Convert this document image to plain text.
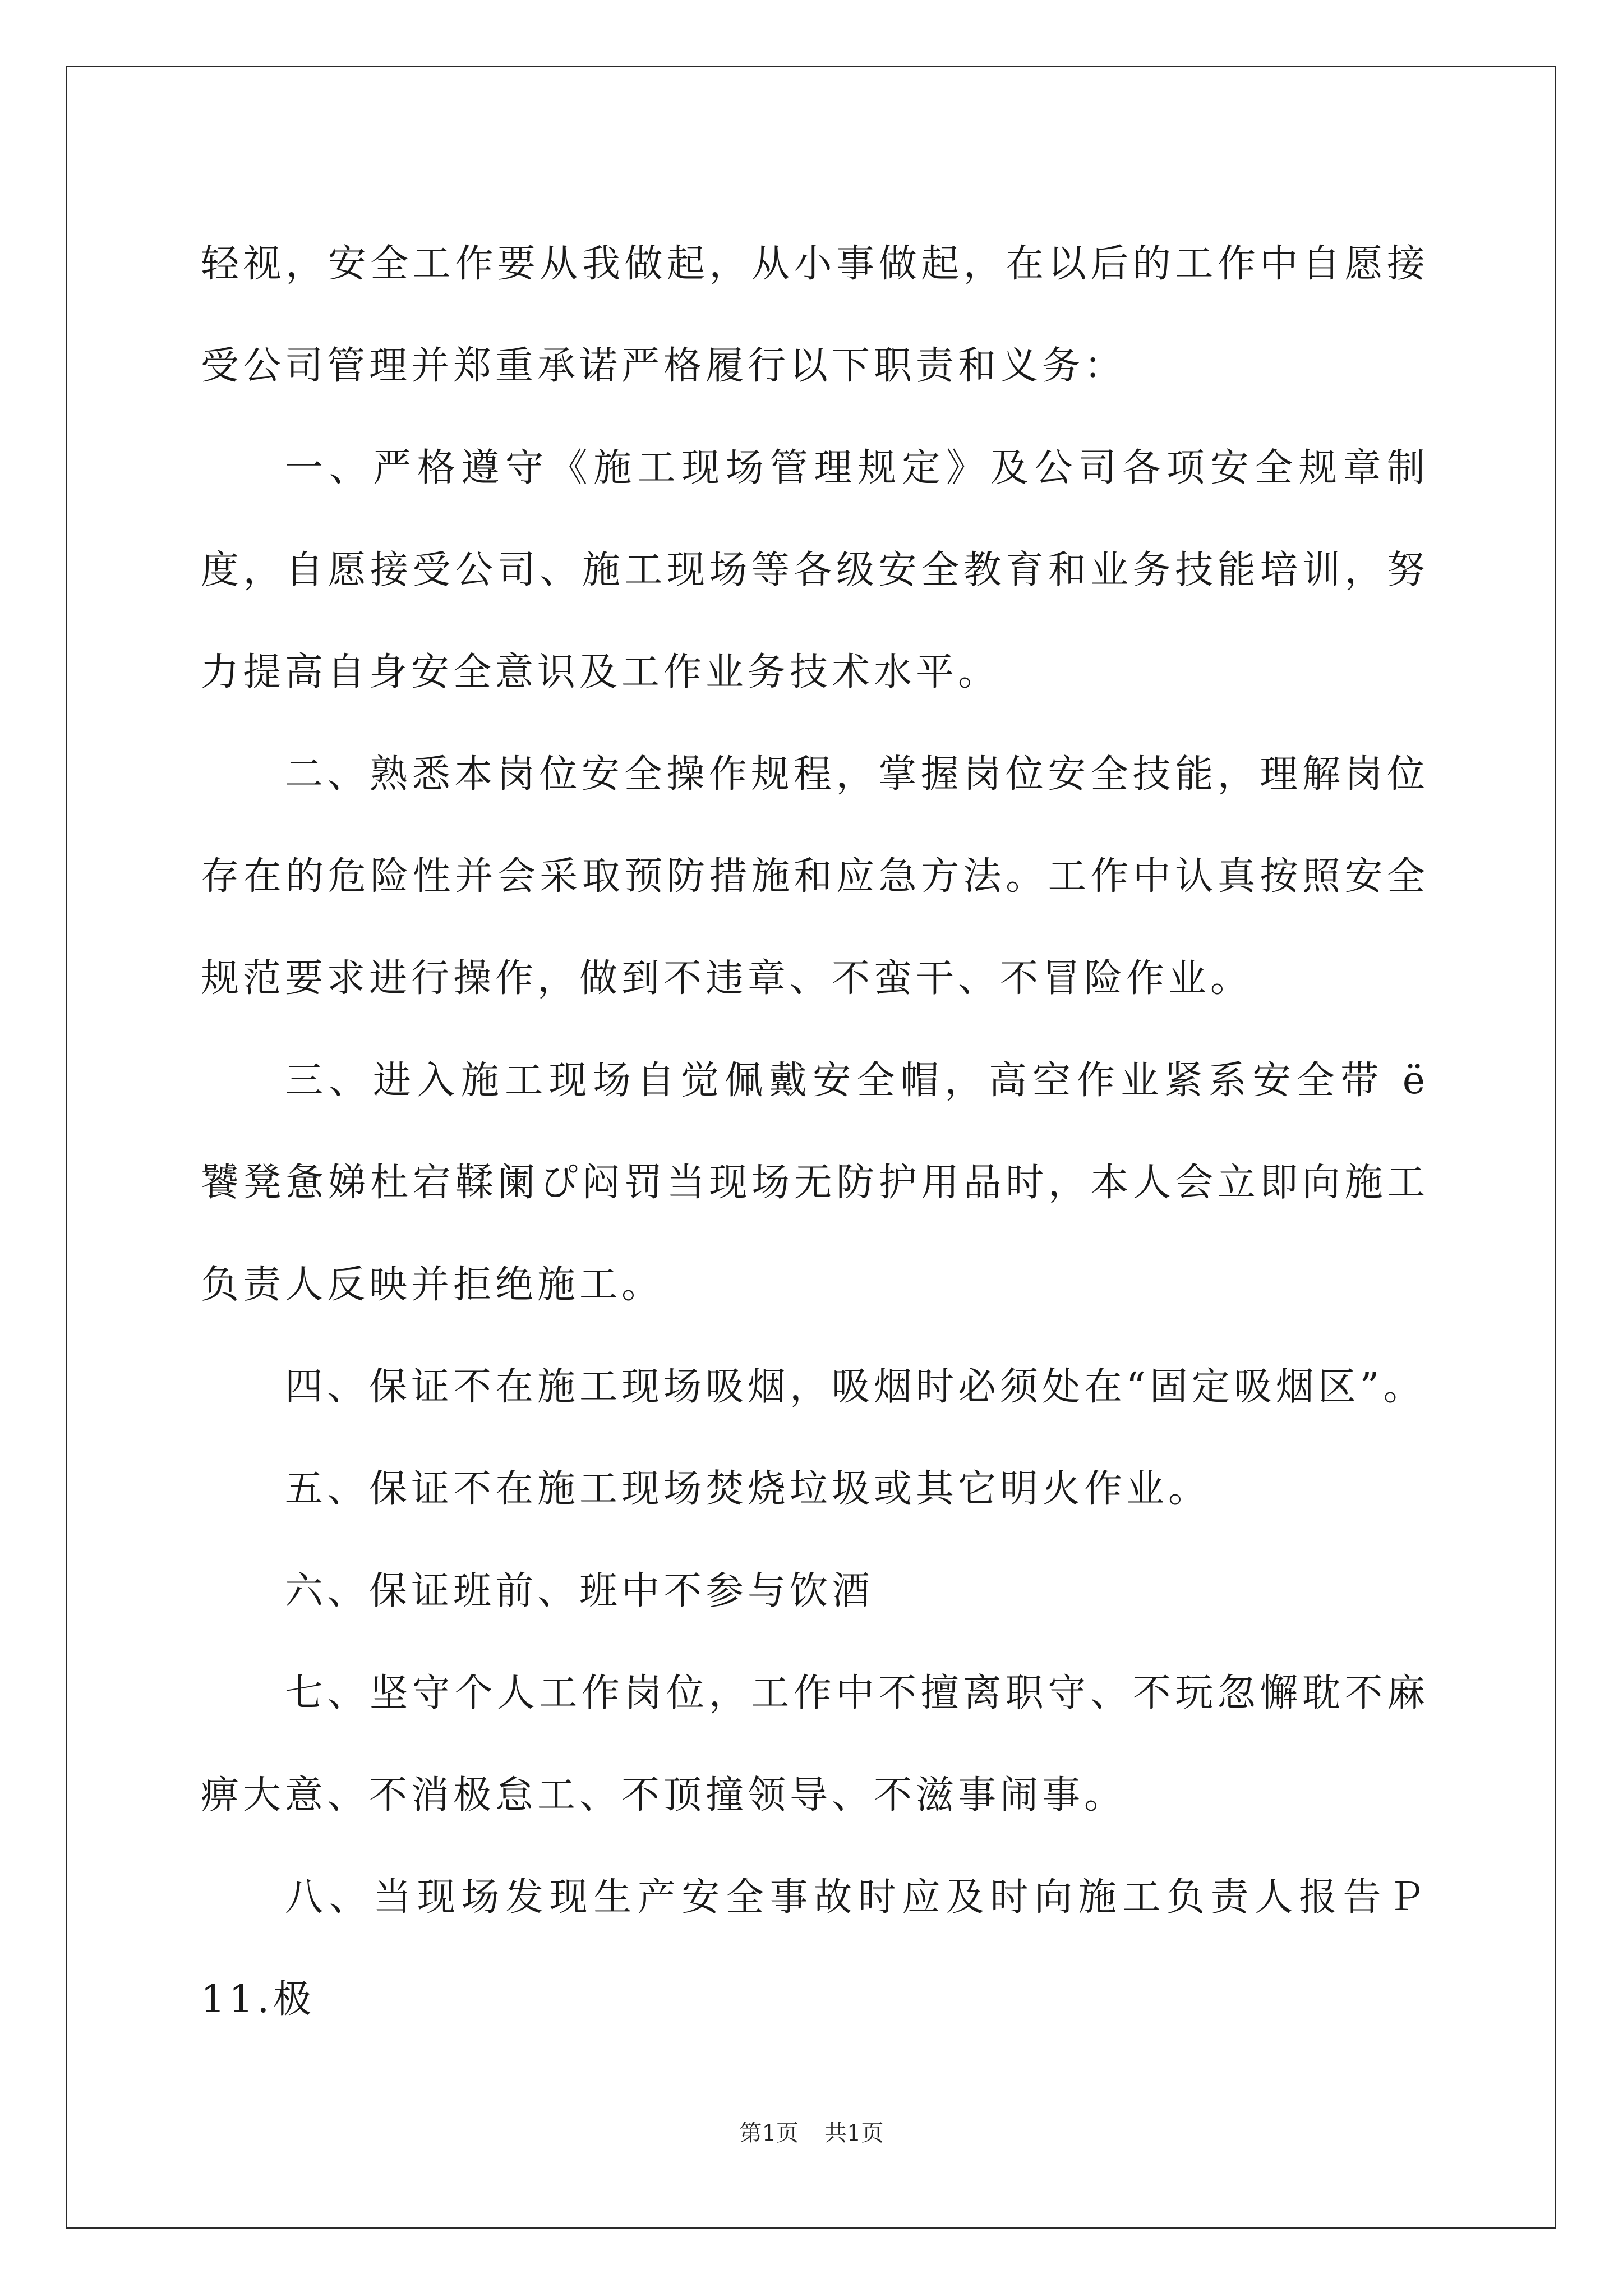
轻视，安全工作要从我做起，从小事做起，在以后的工作中自愿接受公司管理并郑重承诺严格履行以下职责和义务：

一、严格遵守《施工现场管理规定》及公司各项安全规章制度，自愿接受公司、施工现场等各级安全教育和业务技能培训，努力提高自身安全意识及工作业务技术水平。

二、熟悉本岗位安全操作规程，掌握岗位安全技能，理解岗位存在的危险性并会采取预防措施和应急方法。工作中认真按照安全规范要求进行操作，做到不违章、不蛮干、不冒险作业。

三、进入施工现场自觉佩戴安全帽，高空作业紧系安全带 ё 饕凳惫娣杜宕鞣阑ぴ闷罚当现场无防护用品时，本人会立即向施工负责人反映并拒绝施工。

四、保证不在施工现场吸烟，吸烟时必须处在“固定吸烟区”。

五、保证不在施工现场焚烧垃圾或其它明火作业。

六、保证班前、班中不参与饮酒

七、坚守个人工作岗位，工作中不擅离职守、不玩忽懈耽不麻痹大意、不消极怠工、不顶撞领导、不滋事闹事。

八、当现场发现生产安全事故时应及时向施工负责人报告Ｐ11.极

第1页 共1页
